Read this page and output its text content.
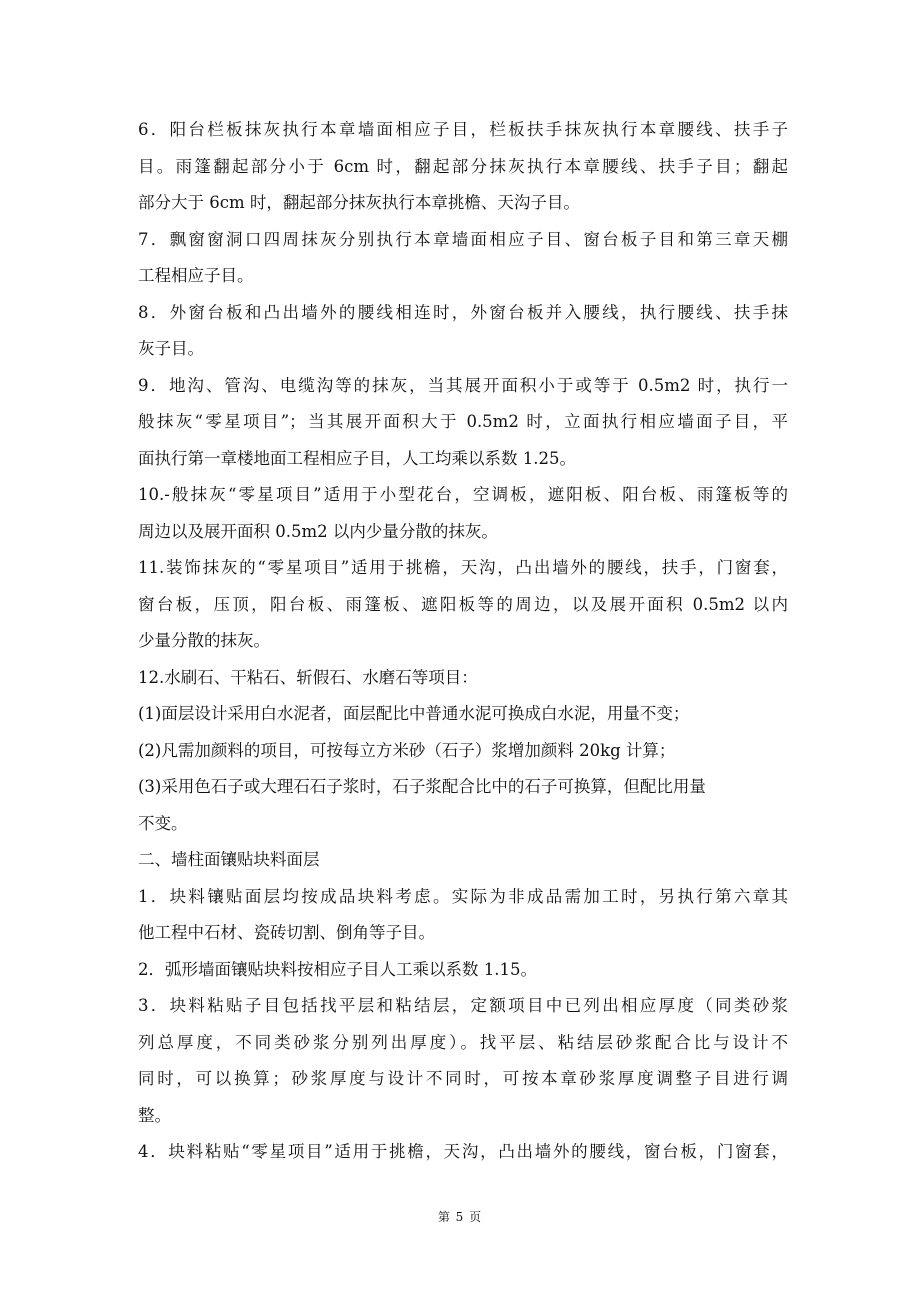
6．阳台栏板抹灰执行本章墙面相应子目，栏板扶手抹灰执行本章腰线、扶手子
目。雨篷翻起部分小于 6cm 时，翻起部分抹灰执行本章腰线、扶手子目；翻起
部分大于 6cm 时，翻起部分抹灰执行本章挑檐、天沟子目。
7．飘窗窗洞口四周抹灰分别执行本章墙面相应子目、窗台板子目和第三章天棚
工程相应子目。
8．外窗台板和凸出墙外的腰线相连时，外窗台板并入腰线，执行腰线、扶手抹
灰子目。
9．地沟、管沟、电缆沟等的抹灰，当其展开面积小于或等于 0.5m2 时，执行一
般抹灰“零星项目”；当其展开面积大于 0.5m2 时，立面执行相应墙面子目，平
面执行第一章楼地面工程相应子目，人工均乘以系数 1.25。
10.-般抹灰“零星项目”适用于小型花台，空调板，遮阳板、阳台板、雨篷板等的
周边以及展开面积 0.5m2 以内少量分散的抹灰。
11.装饰抹灰的“零星项目”适用于挑檐，天沟，凸出墙外的腰线，扶手，门窗套，
窗台板，压顶，阳台板、雨篷板、遮阳板等的周边，以及展开面积 0.5m2 以内
少量分散的抹灰。
12.水刷石、干粘石、斩假石、水磨石等项目：
(1)面层设计采用白水泥者，面层配比中普通水泥可换成白水泥，用量不变；
(2)凡需加颜料的项目，可按每立方米砂（石子）浆增加颜料 20kg 计算；
(3)采用色石子或大理石石子浆时，石子浆配合比中的石子可换算，但配比用量
不变。
二、墙柱面镶贴块料面层
1．块料镶贴面层均按成品块料考虑。实际为非成品需加工时，另执行第六章其
他工程中石材、瓷砖切割、倒角等子目。
2．弧形墙面镶贴块料按相应子目人工乘以系数 1.15。
3．块料粘贴子目包括找平层和粘结层，定额项目中已列出相应厚度（同类砂浆
列总厚度，不同类砂浆分别列出厚度）。找平层、粘结层砂浆配合比与设计不
同时，可以换算；砂浆厚度与设计不同时，可按本章砂浆厚度调整子目进行调
整。
4．块料粘贴“零星项目”适用于挑檐，天沟，凸出墙外的腰线，窗台板，门窗套，
第 5 页
